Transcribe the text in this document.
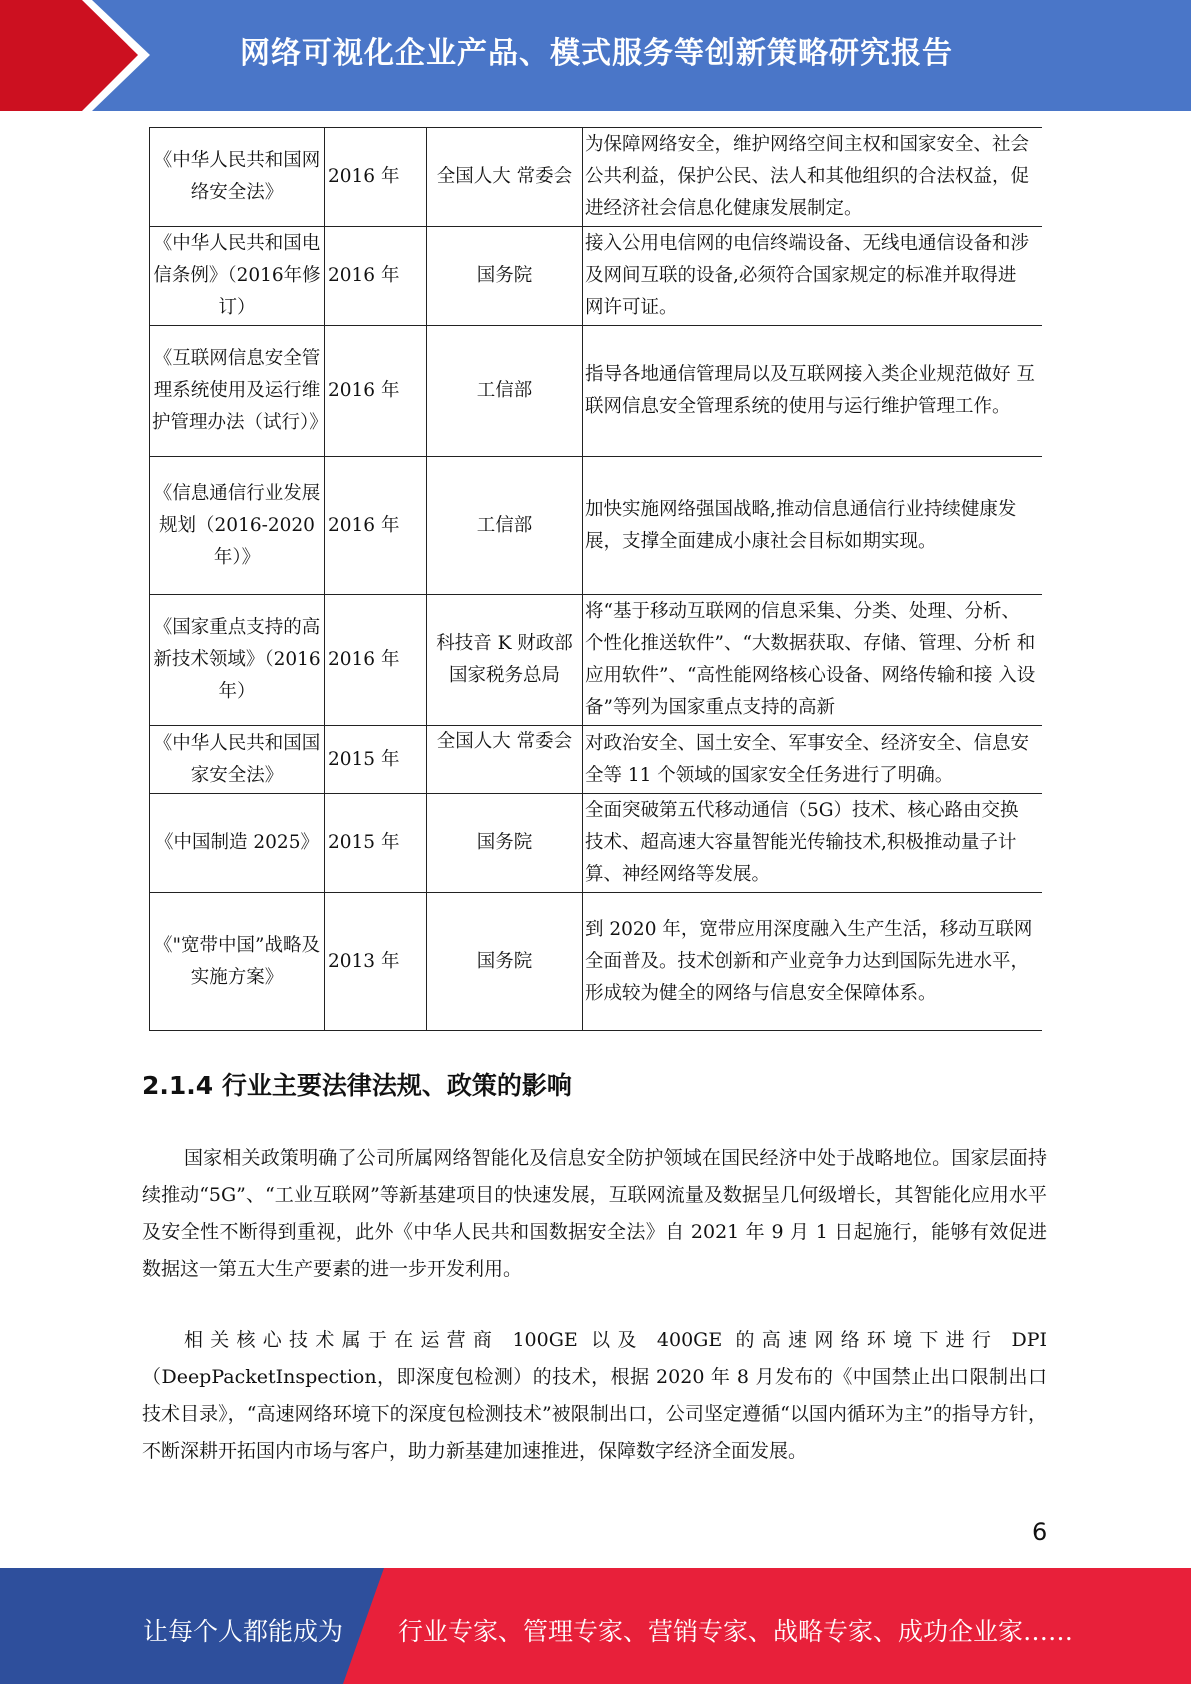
网络可视化企业产品、模式服务等创新策略研究报告
《中华人民共和国网络安全法》	2016 年	全国人大 常委会	为保障网络安全，维护网络空间主权和国家安全、社会 公共利益，保护公民、法人和其他组织的合法权益，促 进经济社会信息化健康发展制定。
《中华人民共和国电信条例》（2016年修订）	2016 年	国务院	接入公用电信网的电信终端设备、无线电通信设备和涉 及网间互联的设备,必须符合国家规定的标准并取得进 网许可证。
《互联网信息安全管理系统使用及运行维护管理办法（试行）》	2016 年	工信部	指导各地通信管理局以及互联网接入类企业规范做好 互联网信息安全管理系统的使用与运行维护管理工作。
《信息通信行业发展规划（2016-2020年）》	2016 年	工信部	加快实施网络强国战略,推动信息通信行业持续健康发 展，支撑全面建成小康社会目标如期实现。
《国家重点支持的高新技术领域》（2016 年）	2016 年	科技音 K 财政部 国家税务总局	将“基于移动互联网的信息采集、分类、处理、分析、 个性化推送软件”、“大数据获取、存储、管理、分析 和应用软件”、“高性能网络核心设备、网络传输和接 入设备”等列为国家重点支持的高新
《中华人民共和国国家安全法》	2015 年	全国人大 常委会	对政治安全、国土安全、军事安全、经济安全、信息安 全等 11 个领域的国家安全任务进行了明确。
《中国制造 2025》	2015 年	国务院	全面突破第五代移动通信（5G）技术、核心路由交换 技术、超高速大容量智能光传输技术,积极推动量子计 算、神经网络等发展。
《"宽带中国”战略及实施方案》	2013 年	国务院	到 2020 年，宽带应用深度融入生产生活，移动互联网 全面普及。技术创新和产业竞争力达到国际先进水平， 形成较为健全的网络与信息安全保障体系。
2.1.4 行业主要法律法规、政策的影响

国家相关政策明确了公司所属网络智能化及信息安全防护领域在国民经济中处于战略地位。国家层面持续推动“5G”、“工业互联网”等新基建项目的快速发展，互联网流量及数据呈几何级增长，其智能化应用水平及安全性不断得到重视，此外《中华人民共和国数据安全法》自 2021 年 9 月 1 日起施行，能够有效促进数据这一第五大生产要素的进一步开发利用。

相关核心技术属于在运营商 100GE 以及 400GE 的高速网络环境下进行 DPI（DeepPacketInspection，即深度包检测）的技术，根据 2020 年 8 月发布的《中国禁止出口限制出口技术目录》，“高速网络环境下的深度包检测技术”被限制出口，公司坚定遵循“以国内循环为主”的指导方针，不断深耕开拓国内市场与客户，助力新基建加速推进，保障数字经济全面发展。

6
让每个人都能成为 行业专家、管理专家、营销专家、战略专家、成功企业家……
